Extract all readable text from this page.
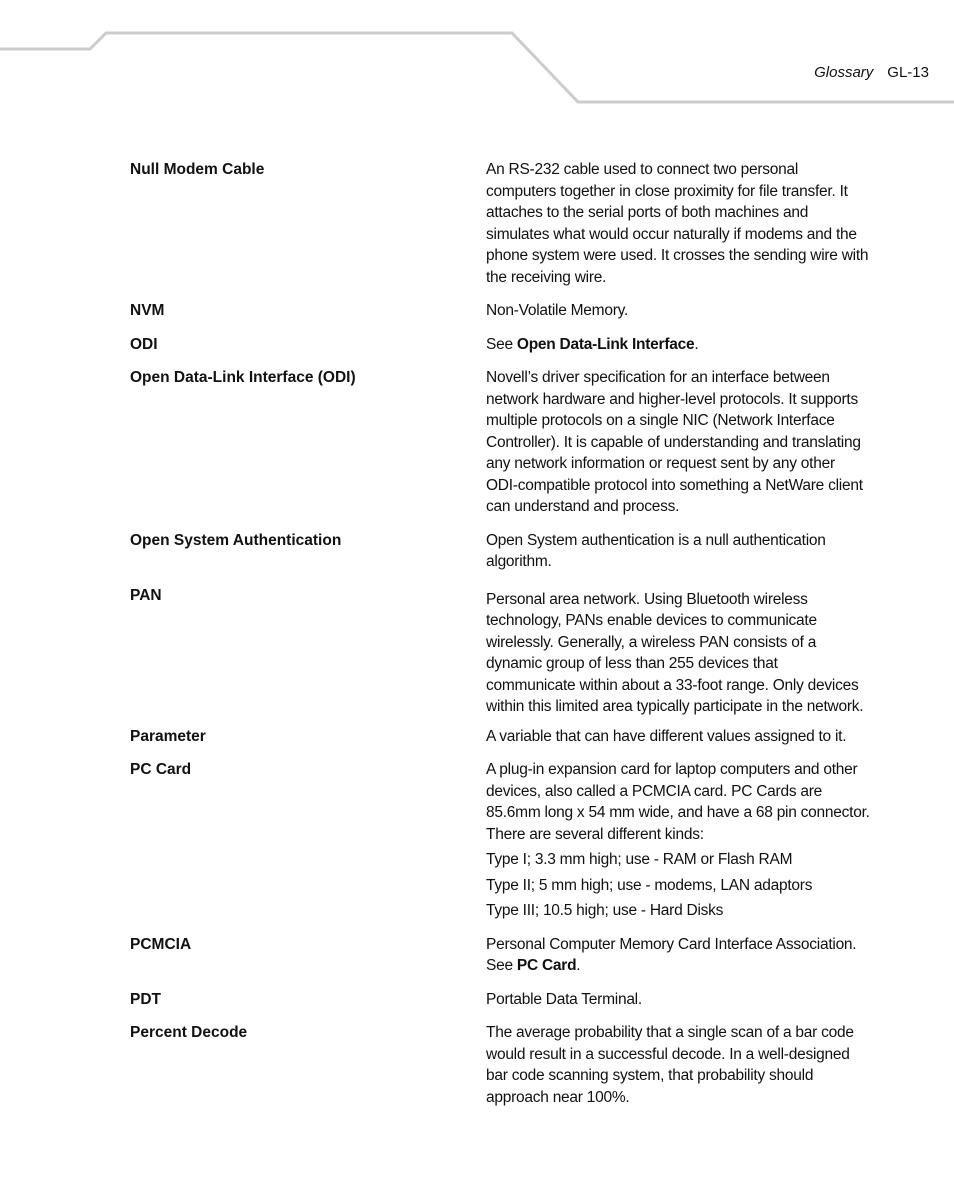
Glossary GL-13
Null Modem Cable	An RS-232 cable used to connect two personal computers together in close proximity for file transfer. It attaches to the serial ports of both machines and simulates what would occur naturally if modems and the phone system were used. It crosses the sending wire with the receiving wire.

NVM	Non-Volatile Memory.

ODI	See Open Data-Link Interface.

Open Data-Link Interface (ODI)	Novell’s driver specification for an interface between network hardware and higher-level protocols. It supports multiple protocols on a single NIC (Network Interface Controller). It is capable of understanding and translating any network information or request sent by any other ODI-compatible protocol into something a NetWare client can understand and process.

Open System Authentication	Open System authentication is a null authentication algorithm.

PAN	Personal area network. Using Bluetooth wireless technology, PANs enable devices to communicate wirelessly. Generally, a wireless PAN consists of a dynamic group of less than 255 devices that communicate within about a 33-foot range. Only devices within this limited area typically participate in the network.

Parameter	A variable that can have different values assigned to it.

PC Card	A plug-in expansion card for laptop computers and other devices, also called a PCMCIA card. PC Cards are 85.6mm long x 54 mm wide, and have a 68 pin connector. There are several different kinds:

Type I; 3.3 mm high; use - RAM or Flash RAM

Type II; 5 mm high; use - modems, LAN adaptors

Type III; 10.5 high; use - Hard Disks

PCMCIA	Personal Computer Memory Card Interface Association.
See PC Card.

PDT	Portable Data Terminal.

Percent Decode	The average probability that a single scan of a bar code would result in a successful decode. In a well-designed bar code scanning system, that probability should approach near 100%.
